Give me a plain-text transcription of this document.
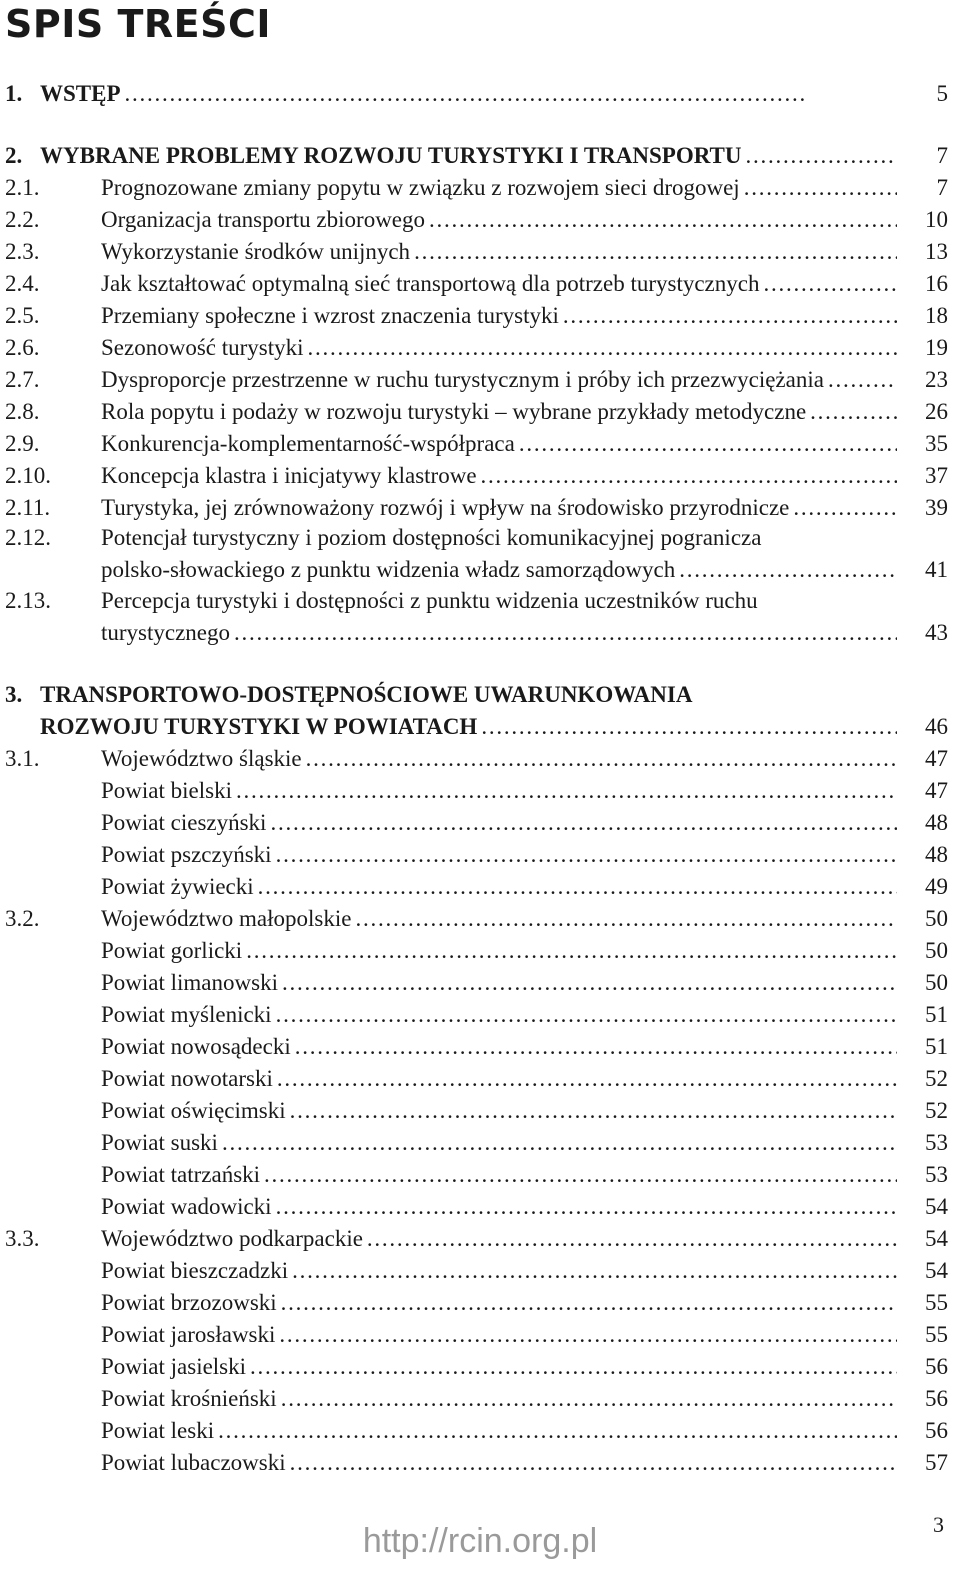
SPIS TREŚCI
1. WSTĘP . . .	5
2. WYBRANE PROBLEMY ROZWOJU TURYSTYKI I TRANSPORTU . . .	7
2.1.	Prognozowane zmiany popytu w związku z rozwojem sieci drogowej . . .	7
2.2.	Organizacja transportu zbiorowego . . .	10
2.3.	Wykorzystanie środków unijnych . . .	13
2.4.	Jak kształtować optymalną sieć transportową dla potrzeb turystycznych . . .	16
2.5.	Przemiany społeczne i wzrost znaczenia turystyki . . .	18
2.6.	Sezonowość turystyki . . .	19
2.7.	Dysproporcje przestrzenne w ruchu turystycznym i próby ich przezwyciężania . . .	23
2.8.	Rola popytu i podaży w rozwoju turystyki – wybrane przykłady metodyczne . . .	26
2.9.	Konkurencja-komplementarność-współpraca . . .	35
2.10. Koncepcja klastra i inicjatywy klastrowe . . .	37
2.11. Turystyka, jej zrównoważony rozwój i wpływ na środowisko przyrodnicze . . .	39
2.12. Potencjał turystyczny i poziom dostępności komunikacyjnej pogranicza
polsko-słowackiego z punktu widzenia władz samorządowych . . .	41
2.13. Percepcja turystyki i dostępności z punktu widzenia uczestników ruchu
turystycznego . . .	43
3. TRANSPORTOWO-DOSTĘPNOŚCIOWE UWARUNKOWANIA
ROZWOJU TURYSTYKI W POWIATACH . . .	46
3.1.	Województwo śląskie . . .	47
Powiat bielski . . .	47
Powiat cieszyński . . .	48
Powiat pszczyński . . .	48
Powiat żywiecki . . .	49
3.2.	Województwo małopolskie . . .	50
Powiat gorlicki . . .	50
Powiat limanowski . . .	50
Powiat myślenicki . . .	51
Powiat nowosądecki . . .	51
Powiat nowotarski . . .	52
Powiat oświęcimski . . .	52
Powiat suski . . .	53
Powiat tatrzański . . .	53
Powiat wadowicki . . .	54
3.3.	Województwo podkarpackie . . .	54
Powiat bieszczadzki . . .	54
Powiat brzozowski . . .	55
Powiat jarosławski . . .	55
Powiat jasielski . . .	56
Powiat krośnieński . . .	56
Powiat leski . . .	56
Powiat lubaczowski . . .	57
http://rcin.org.pl	3
